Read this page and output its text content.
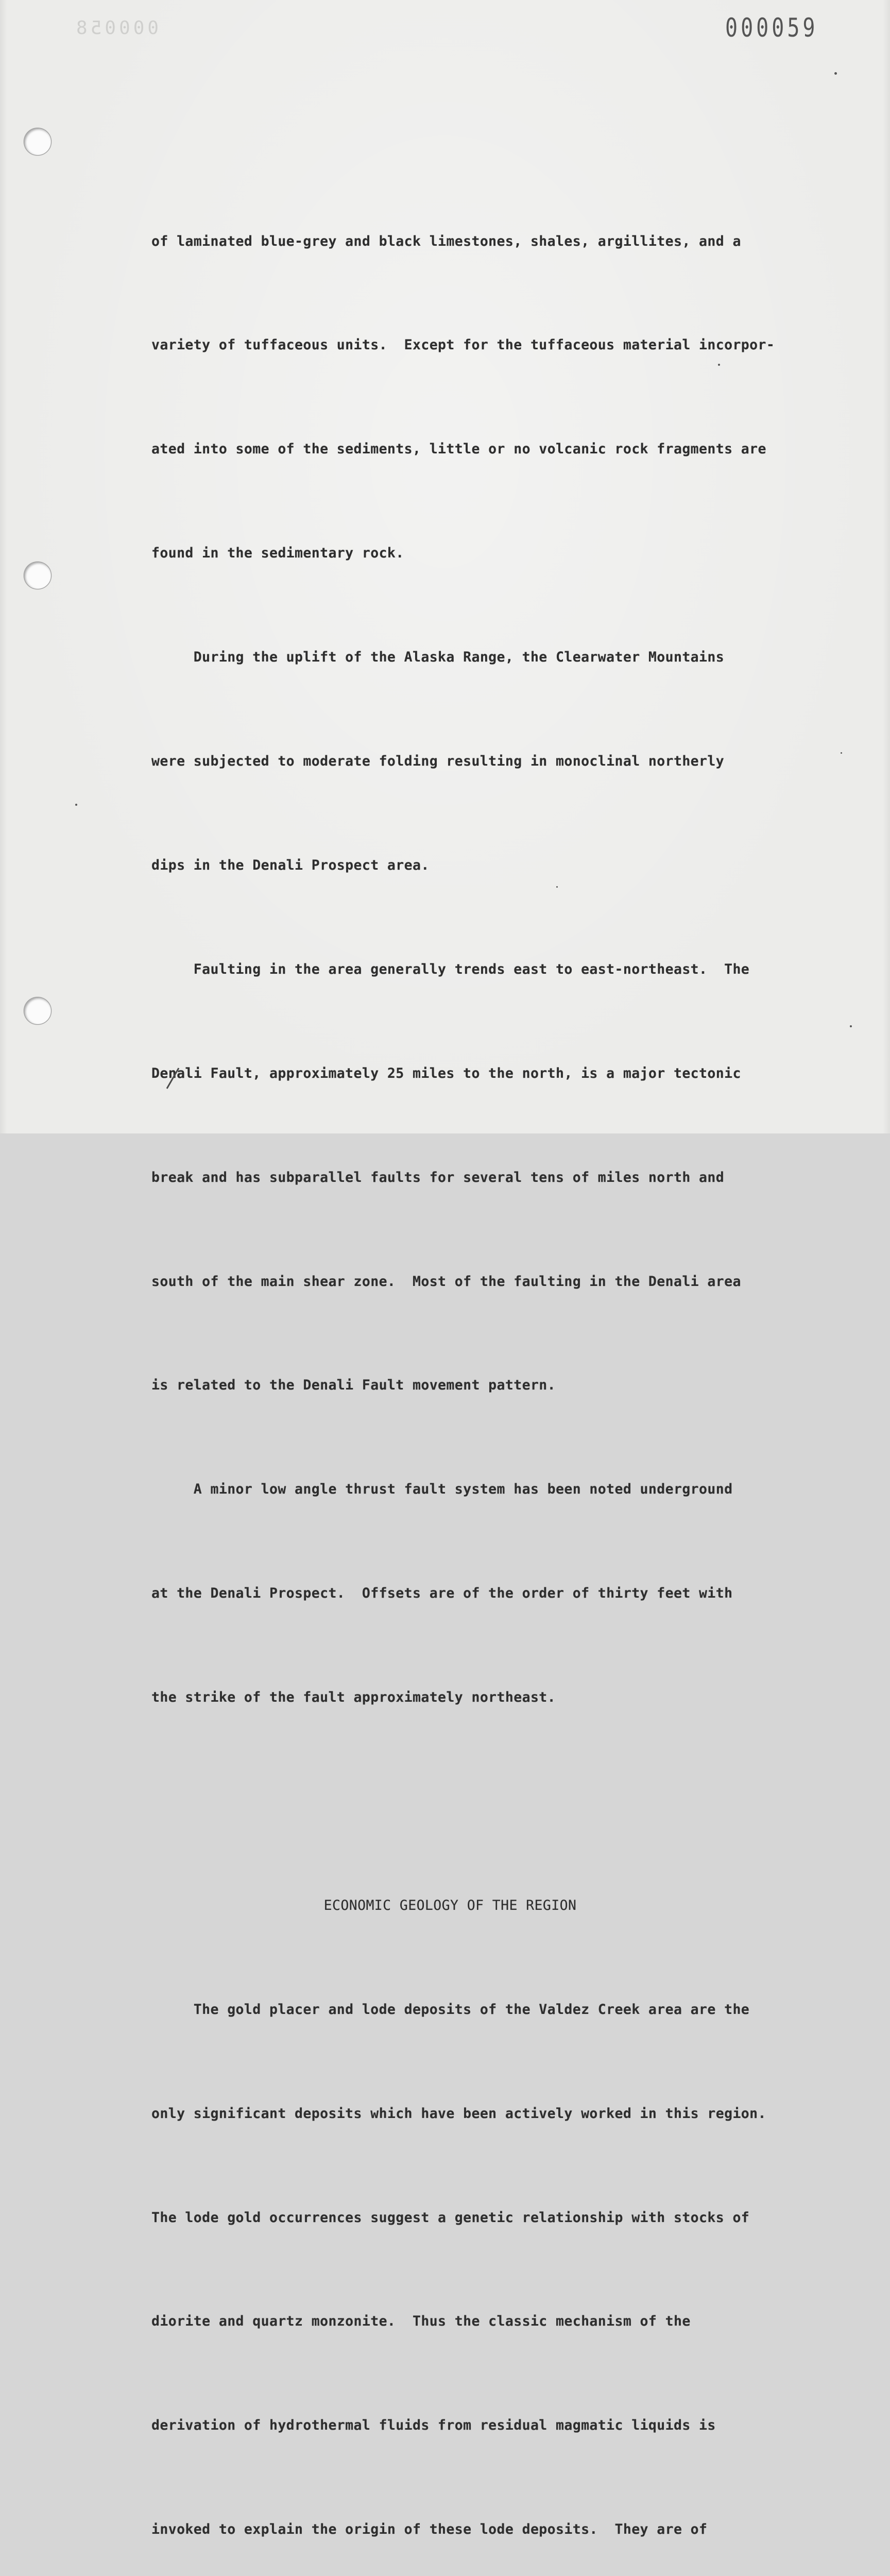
000058	000059

of laminated blue-grey and black limestones, shales, argillites, and a

variety of tuffaceous units.  Except for the tuffaceous material incorpor-

ated into some of the sediments, little or no volcanic rock fragments are

found in the sedimentary rock.

During the uplift of the Alaska Range, the Clearwater Mountains

were subjected to moderate folding resulting in monoclinal northerly

dips in the Denali Prospect area.

Faulting in the area generally trends east to east-northeast.  The

Denali Fault, approximately 25 miles to the north, is a major tectonic

break and has subparallel faults for several tens of miles north and

south of the main shear zone.  Most of the faulting in the Denali area

is related to the Denali Fault movement pattern.

A minor low angle thrust fault system has been noted underground

at the Denali Prospect.  Offsets are of the order of thirty feet with

the strike of the fault approximately northeast.

ECONOMIC GEOLOGY OF THE REGION

The gold placer and lode deposits of the Valdez Creek area are the

only significant deposits which have been actively worked in this region.

The lode gold occurrences suggest a genetic relationship with stocks of

diorite and quartz monzonite.  Thus the classic mechanism of the

derivation of hydrothermal fluids from residual magmatic liquids is

invoked to explain the origin of these lode deposits.  They are of
